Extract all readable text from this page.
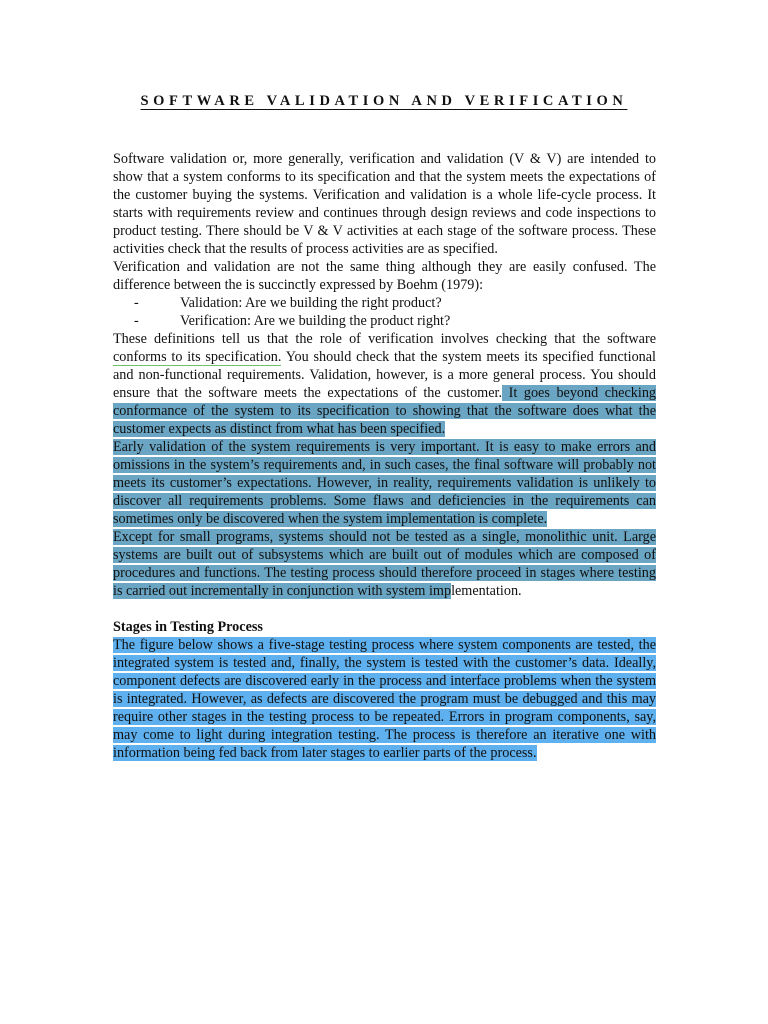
SOFTWARE VALIDATION AND VERIFICATION

Software validation or, more generally, verification and validation (V & V) are intended to show that a system conforms to its specification and that the system meets the expectations of the customer buying the systems. Verification and validation is a whole life-cycle process. It starts with requirements review and continues through design reviews and code inspections to product testing. There should be V & V activities at each stage of the software process. These activities check that the results of process activities are as specified.

Verification and validation are not the same thing although they are easily confused. The difference between the is succinctly expressed by Boehm (1979):

-	Validation: Are we building the right product?

-	Verification: Are we building the product right?

These definitions tell us that the role of verification involves checking that the software conforms to its specification. You should check that the system meets its specified functional and non-functional requirements. Validation, however, is a more general process. You should ensure that the software meets the expectations of the customer. It goes beyond checking conformance of the system to its specification to showing that the software does what the customer expects as distinct from what has been specified.

Early validation of the system requirements is very important. It is easy to make errors and omissions in the system’s requirements and, in such cases, the final software will probably not meets its customer’s expectations. However, in reality, requirements validation is unlikely to discover all requirements problems. Some flaws and deficiencies in the requirements can sometimes only be discovered when the system implementation is complete.

Except for small programs, systems should not be tested as a single, monolithic unit. Large systems are built out of subsystems which are built out of modules which are composed of procedures and functions. The testing process should therefore proceed in stages where testing is carried out incrementally in conjunction with system implementation.

Stages in Testing Process

The figure below shows a five-stage testing process where system components are tested, the integrated system is tested and, finally, the system is tested with the customer’s data. Ideally, component defects are discovered early in the process and interface problems when the system is integrated. However, as defects are discovered the program must be debugged and this may require other stages in the testing process to be repeated. Errors in program components, say, may come to light during integration testing. The process is therefore an iterative one with information being fed back from later stages to earlier parts of the process.
